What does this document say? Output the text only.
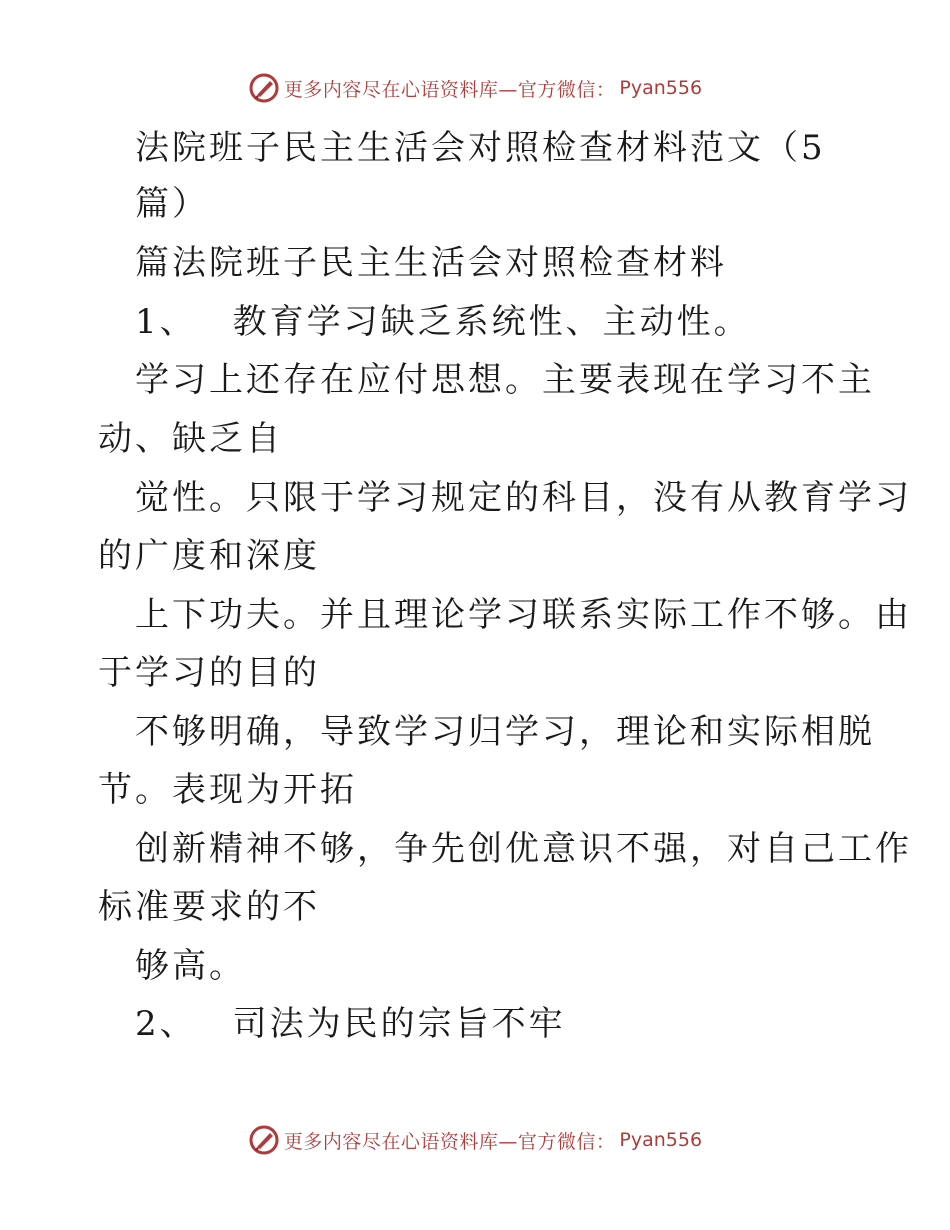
更多内容尽在心语资料库—官方微信： Pyan556
法院班子民主生活会对照检查材料范文（5
篇）
篇法院班子民主生活会对照检查材料
1、 教育学习缺乏系统性、主动性。
学习上还存在应付思想。主要表现在学习不主
动、缺乏自
觉性。只限于学习规定的科目，没有从教育学习
的广度和深度
上下功夫。并且理论学习联系实际工作不够。由
于学习的目的
不够明确，导致学习归学习，理论和实际相脱
节。表现为开拓
创新精神不够，争先创优意识不强，对自己工作
标准要求的不
够高。
2、 司法为民的宗旨不牢
更多内容尽在心语资料库—官方微信： Pyan556
